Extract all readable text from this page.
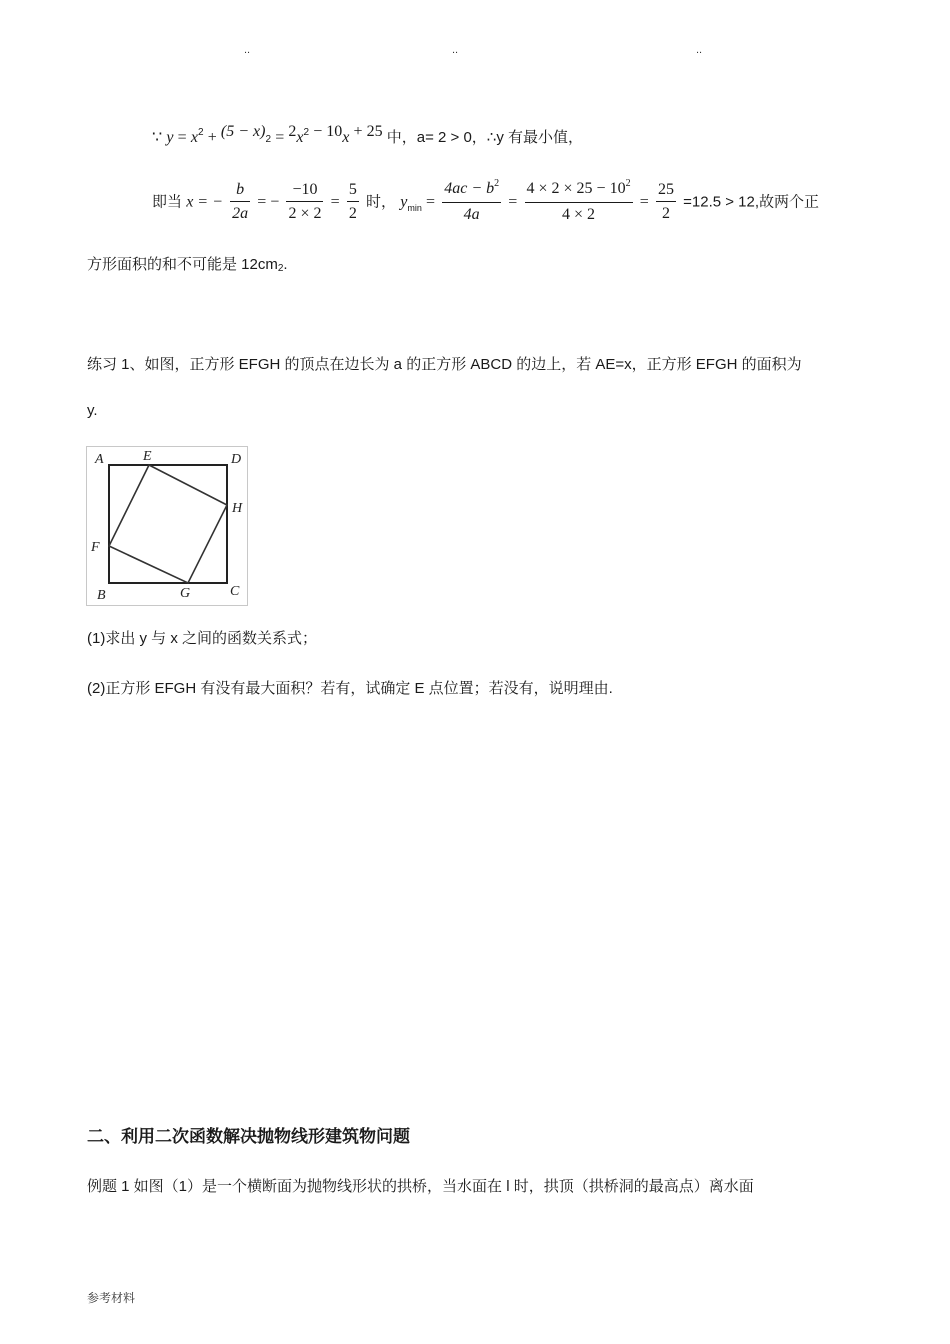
..	..	..
∵ $y = x^2 + (5 - x)2 = 2x^2 - 10x + 25$ 中，a= 2 > 0，∴y 有最小值，
即当 x = − $\frac{b}{2a}$ = − $\frac{-10}{2 \times 2} = \frac{5}{2}$ 时， $y_{min} = \frac{4ac - b^2}{4a} = \frac{4 \times 2 \times 25 - 10^2}{4 \times 2} = \frac{25}{2} =12.5 > 12$,故两个正
方形面积的和不可能是 12cm2.
练习 1、如图，正方形 EFGH 的顶点在边长为 a 的正方形 ABCD 的边上，若 AE=x，正方形 EFGH 的面积为
y.
A	E	D
H
F
B	G	C
(1)求出 y 与 x 之间的函数关系式；
(2)正方形 EFGH 有没有最大面积？若有，试确定 E 点位置；若没有，说明理由.
二、利用二次函数解决抛物线形建筑物问题
例题 1 如图（1）是一个横断面为抛物线形状的拱桥，当水面在 l 时，拱顶（拱桥洞的最高点）离水面
参考材料
